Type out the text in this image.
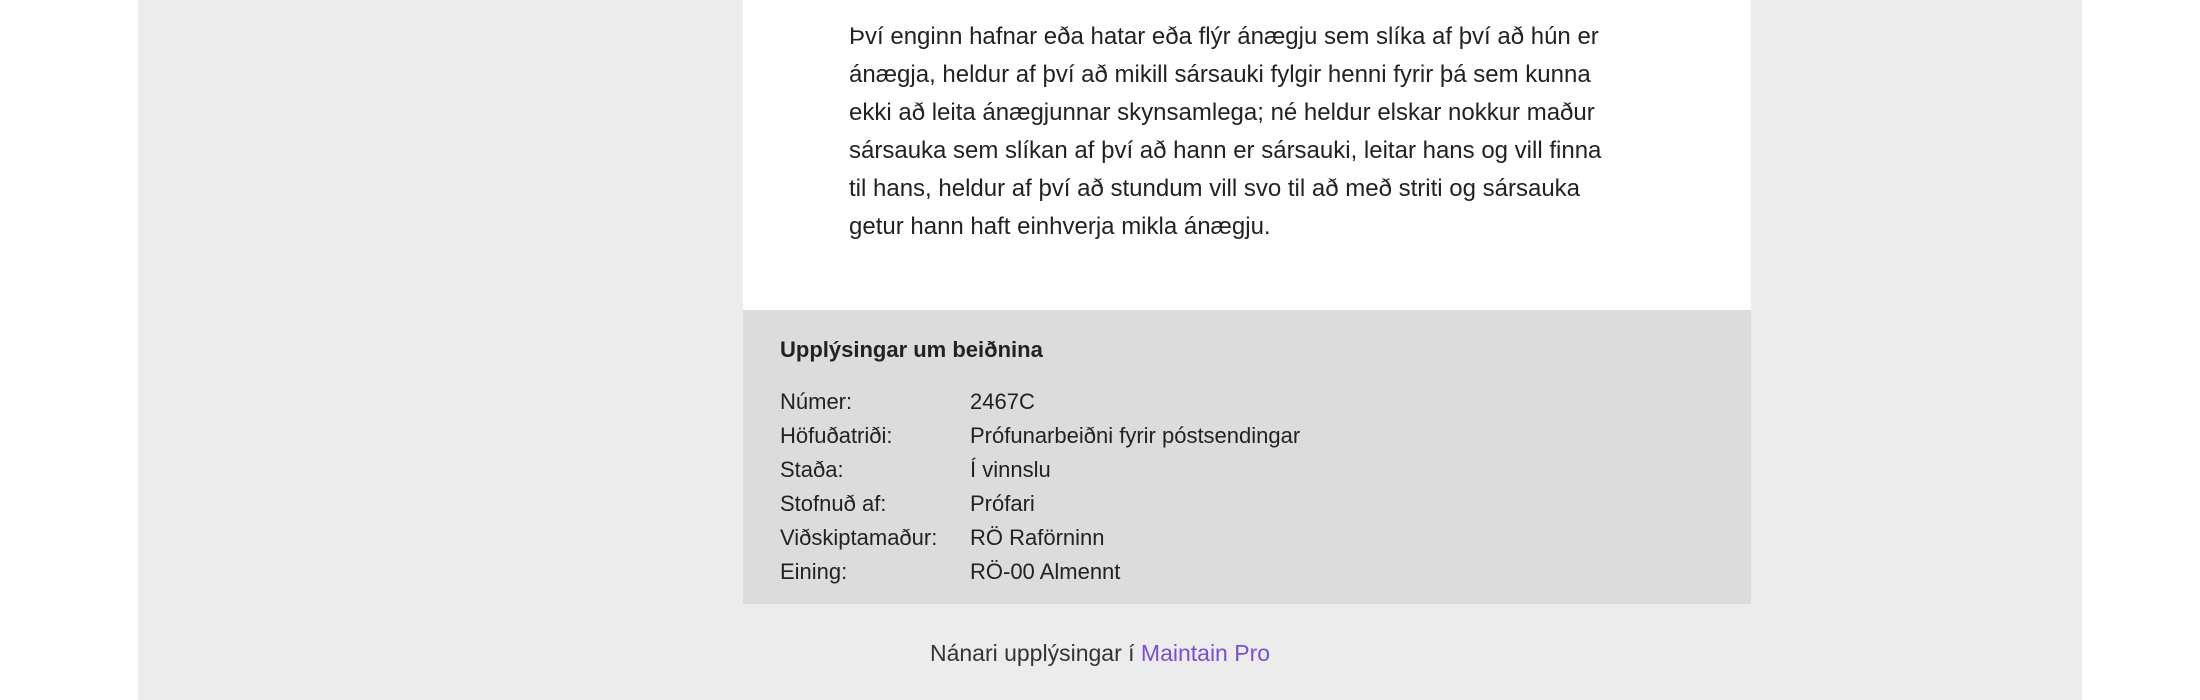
Því enginn hafnar eða hatar eða flýr ánægju sem slíka af því að hún er ánægja, heldur af því að mikill sársauki fylgir henni fyrir þá sem kunna ekki að leita ánægjunnar skynsamlega; né heldur elskar nokkur maður sársauka sem slíkan af því að hann er sársauki, leitar hans og vill finna til hans, heldur af því að stundum vill svo til að með striti og sársauka getur hann haft einhverja mikla ánægju.

Upplýsingar um beiðnina
Númer:	2467C
Höfuðatriði:	Prófunarbeiðni fyrir póstsendingar
Staða:	Í vinnslu
Stofnuð af:	Prófari
Viðskiptamaður:	RÖ Raförninn
Eining:	RÖ-00 Almennt
Nánari upplýsingar í Maintain Pro
